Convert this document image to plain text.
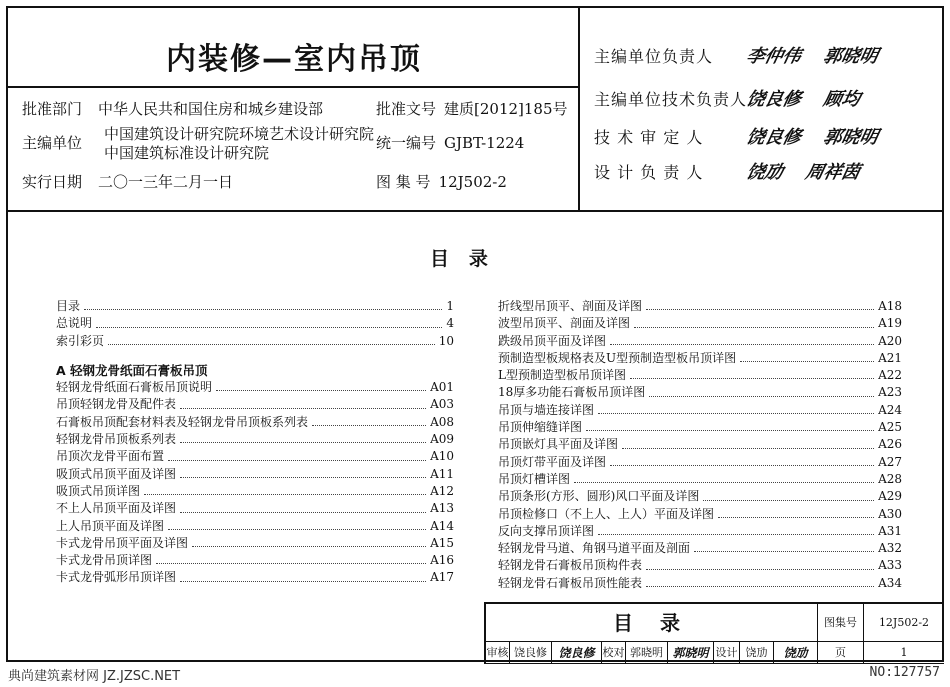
内装修—室内吊顶
批准部门 中华人民共和国住房和城乡建设部	批准文号 建质[2012]185号
主编单位 中国建筑设计研究院环境艺术设计研究院
中国建筑标准设计研究院
统一编号 GJBT-1224
实行日期 二〇一三年二月一日	图 集 号 12J502-2
主编单位负责人 李仲伟 郭晓明
主编单位技术负责人 饶良修 顾均
技 术 审 定 人 饶良修 郭晓明
设 计 负 责 人 饶劢 周祥茵
目   录
目录	1
总说明	4
索引彩页	10
A 轻钢龙骨纸面石膏板吊顶
轻钢龙骨纸面石膏板吊顶说明	A01
吊顶轻钢龙骨及配件表	A03
石膏板吊顶配套材料表及轻钢龙骨吊顶板系列表	A08
轻钢龙骨吊顶板系列表	A09
吊顶次龙骨平面布置	A10
吸顶式吊顶平面及详图	A11
吸顶式吊顶详图	A12
不上人吊顶平面及详图	A13
上人吊顶平面及详图	A14
卡式龙骨吊顶平面及详图	A15
卡式龙骨吊顶详图	A16
卡式龙骨弧形吊顶详图	A17
折线型吊顶平、剖面及详图	A18
波型吊顶平、剖面及详图	A19
跌级吊顶平面及详图	A20
预制造型板规格表及U型预制造型板吊顶详图	A21
L型预制造型板吊顶详图	A22
18厚多功能石膏板吊顶详图	A23
吊顶与墙连接详图	A24
吊顶伸缩缝详图	A25
吊顶嵌灯具平面及详图	A26
吊顶灯带平面及详图	A27
吊顶灯槽详图	A28
吊顶条形(方形、圆形)风口平面及详图	A29
吊顶检修口（不上人、上人）平面及详图	A30
反向支撑吊顶详图	A31
轻钢龙骨马道、角钢马道平面及剖面	A32
轻钢龙骨石膏板吊顶构件表	A33
轻钢龙骨石膏板吊顶性能表	A34
目 录	图集号	12J502-2
审核 饶良修 饶良修 校对 郭晓明 郭晓明 设计 饶劢	饶劢	页	1
典尚建筑素材网 JZ.JZSC.NET	NO:127757
